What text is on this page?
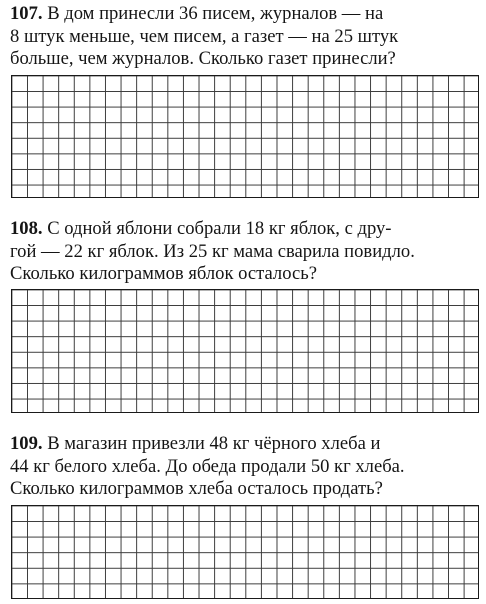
107. В дом принесли 36 писем, журналов — на
8 штук меньше, чем писем, а газет — на 25 штук
больше, чем журналов. Сколько газет принесли?
108. С одной яблони собрали 18 кг яблок, с дру-
гой — 22 кг яблок. Из 25 кг мама сварила повидло.
Сколько килограммов яблок осталось?
109. В магазин привезли 48 кг чёрного хлеба и
44 кг белого хлеба. До обеда продали 50 кг хлеба.
Сколько килограммов хлеба осталось продать?
